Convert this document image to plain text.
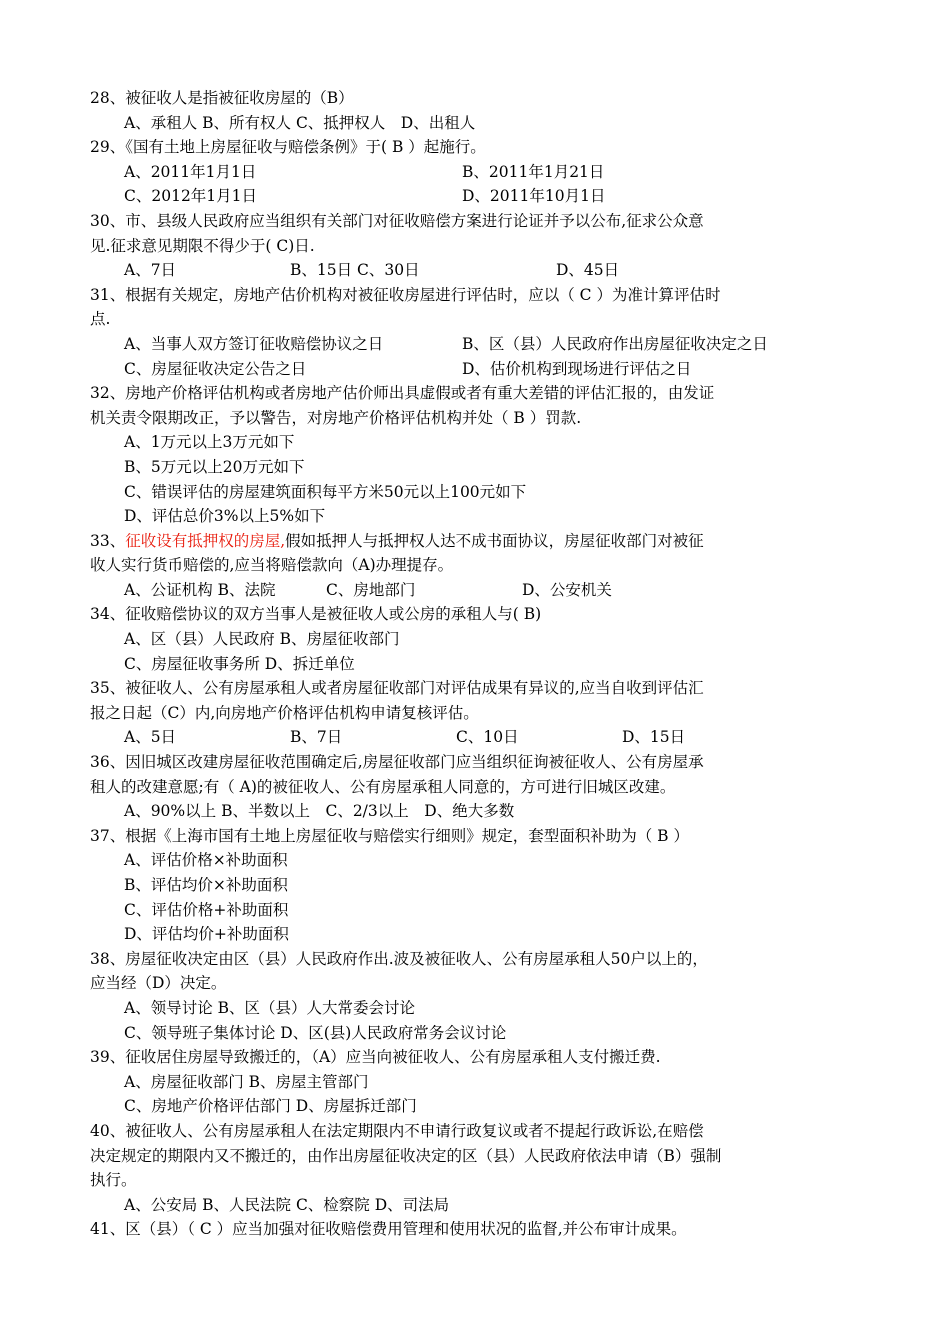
28、被征收人是指被征收房屋的（B）
A、承租人 B、所有权人 C、抵押权人　D、出租人
29、《国有土地上房屋征收与赔偿条例》于( B ）起施行。
A、2011年1月1日	B、2011年1月21日
C、2012年1月1日	D、2011年10月1日
30、市、县级人民政府应当组织有关部门对征收赔偿方案进行论证并予以公布,征求公众意
见.征求意见期限不得少于( C)日.
A、7日	B、15日 C、30日	D、45日
31、根据有关规定，房地产估价机构对被征收房屋进行评估时，应以（ C ）为准计算评估时
点.
A、当事人双方签订征收赔偿协议之日	B、区（县）人民政府作出房屋征收决定之日
C、房屋征收决定公告之日	D、估价机构到现场进行评估之日
32、房地产价格评估机构或者房地产估价师出具虚假或者有重大差错的评估汇报的，由发证
机关责令限期改正，予以警告，对房地产价格评估机构并处（ B ）罚款.
A、1万元以上3万元如下
B、5万元以上20万元如下
C、错误评估的房屋建筑面积每平方米50元以上100元如下
D、评估总价3%以上5%如下
33、征收设有抵押权的房屋,假如抵押人与抵押权人达不成书面协议，房屋征收部门对被征
收人实行货币赔偿的,应当将赔偿款向（A)办理提存。
A、公证机构 B、法院	C、房地部门	D、公安机关
34、征收赔偿协议的双方当事人是被征收人或公房的承租人与( B)
A、区（县）人民政府 B、房屋征收部门
C、房屋征收事务所 D、拆迁单位
35、被征收人、公有房屋承租人或者房屋征收部门对评估成果有异议的,应当自收到评估汇
报之日起（C）内,向房地产价格评估机构申请复核评估。
A、5日	B、7日	C、10日	D、15日
36、因旧城区改建房屋征收范围确定后,房屋征收部门应当组织征询被征收人、公有房屋承
租人的改建意愿;有（ A)的被征收人、公有房屋承租人同意的，方可进行旧城区改建。
A、90%以上 B、半数以上　C、2/3以上　D、绝大多数
37、根据《上海市国有土地上房屋征收与赔偿实行细则》规定，套型面积补助为（ B ）
A、评估价格×补助面积
B、评估均价×补助面积
C、评估价格+补助面积
D、评估均价+补助面积
38、房屋征收决定由区（县）人民政府作出.波及被征收人、公有房屋承租人50户以上的，
应当经（D）决定。
A、领导讨论 B、区（县）人大常委会讨论
C、领导班子集体讨论 D、区(县)人民政府常务会议讨论
39、征收居住房屋导致搬迁的，（A）应当向被征收人、公有房屋承租人支付搬迁费.
A、房屋征收部门 B、房屋主管部门
C、房地产价格评估部门 D、房屋拆迁部门
40、被征收人、公有房屋承租人在法定期限内不申请行政复议或者不提起行政诉讼,在赔偿
决定规定的期限内又不搬迁的，由作出房屋征收决定的区（县）人民政府依法申请（B）强制
执行。
A、公安局 B、人民法院 C、检察院 D、司法局
41、区（县）（ C ）应当加强对征收赔偿费用管理和使用状况的监督,并公布审计成果。
